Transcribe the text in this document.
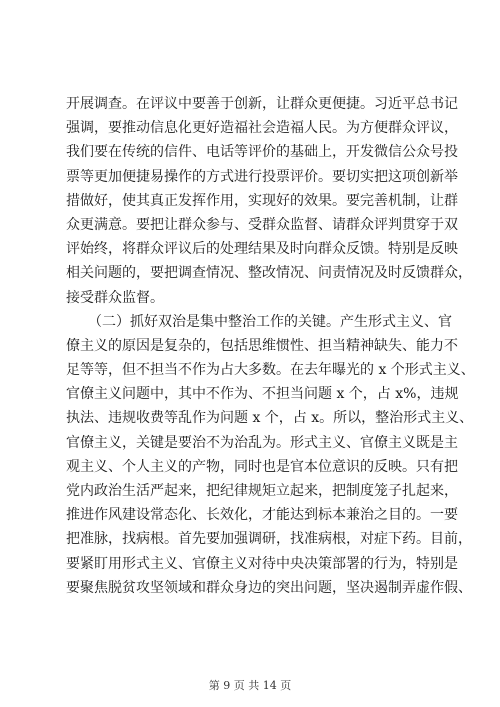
开展调查。在评议中要善于创新，让群众更便捷。习近平总书记
强调，要推动信息化更好造福社会造福人民。为方便群众评议，
我们要在传统的信件、电话等评价的基础上，开发微信公众号投
票等更加便捷易操作的方式进行投票评价。要切实把这项创新举
措做好，使其真正发挥作用，实现好的效果。要完善机制，让群
众更满意。要把让群众参与、受群众监督、请群众评判贯穿于双
评始终，将群众评议后的处理结果及时向群众反馈。特别是反映
相关问题的，要把调查情况、整改情况、问责情况及时反馈群众，
接受群众监督。
（二）抓好双治是集中整治工作的关键。产生形式主义、官
僚主义的原因是复杂的，包括思维惯性、担当精神缺失、能力不
足等等，但不担当不作为占大多数。在去年曝光的 x 个形式主义、
官僚主义问题中，其中不作为、不担当问题 x 个，占 x%，违规
执法、违规收费等乱作为问题 x 个，占 x。所以，整治形式主义、
官僚主义，关键是要治不为治乱为。形式主义、官僚主义既是主
观主义、个人主义的产物，同时也是官本位意识的反映。只有把
党内政治生活严起来，把纪律规矩立起来，把制度笼子扎起来，
推进作风建设常态化、长效化，才能达到标本兼治之目的。一要
把准脉，找病根。首先要加强调研，找准病根，对症下药。目前，
要紧盯用形式主义、官僚主义对待中央决策部署的行为，特别是
要聚焦脱贫攻坚领域和群众身边的突出问题，坚决遏制弄虚作假、
第 9 页 共 14 页
